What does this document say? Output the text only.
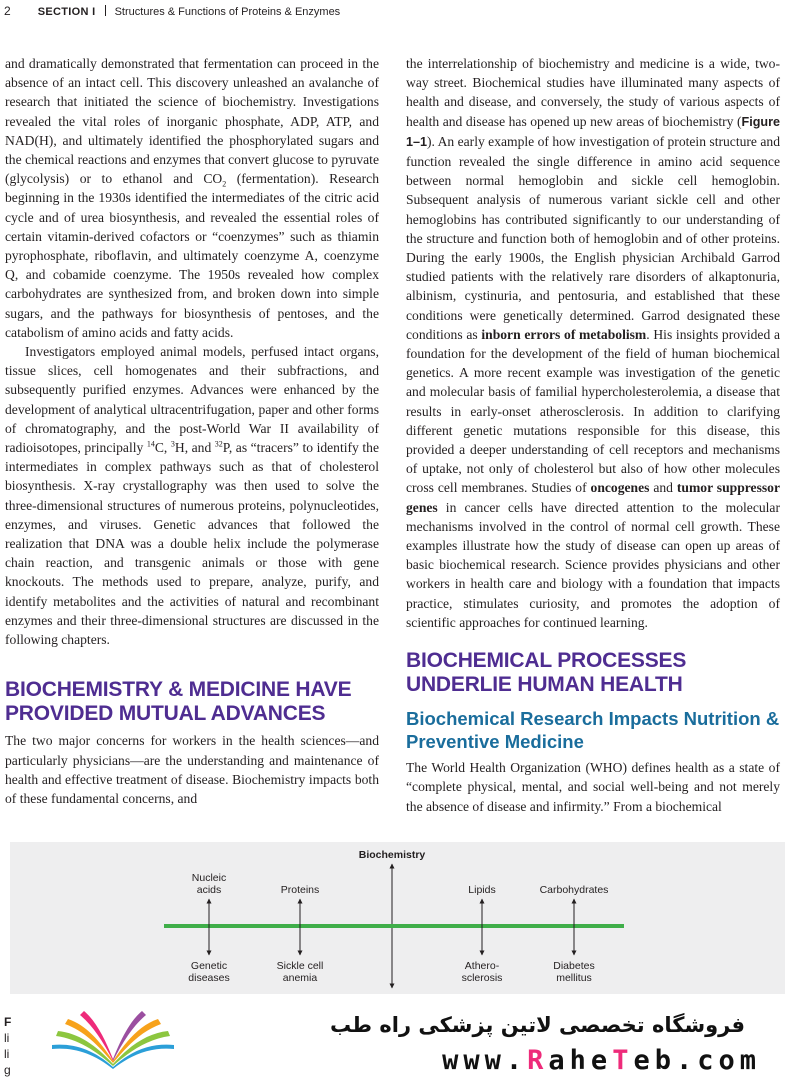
2 SECTION I Structures & Functions of Proteins & Enzymes

and dramatically demonstrated that fermentation can proceed in the absence of an intact cell. This discovery unleashed an avalanche of research that initiated the science of biochemistry. Investigations revealed the vital roles of inorganic phosphate, ADP, ATP, and NAD(H), and ultimately identified the phosphorylated sugars and the chemical reactions and enzymes that convert glucose to pyruvate (glycolysis) or to ethanol and $CO_2$ (fermentation). Research beginning in the 1930s identified the intermediates of the citric acid cycle and of urea biosynthesis, and revealed the essential roles of certain vitamin-derived cofactors or “coenzymes” such as thiamin pyrophosphate, riboflavin, and ultimately coenzyme A, coenzyme Q, and cobamide coenzyme. The 1950s revealed how complex carbohydrates are synthesized from, and broken down into simple sugars, and the pathways for biosynthesis of pentoses, and the catabolism of amino acids and fatty acids.

Investigators employed animal models, perfused intact organs, tissue slices, cell homogenates and their subfractions, and subsequently purified enzymes. Advances were enhanced by the development of analytical ultracentrifugation, paper and other forms of chromatography, and the post-World War II availability of radioisotopes, principally $^{14}$C, $^3$H, and $^{32}$P, as “tracers” to identify the intermediates in complex pathways such as that of cholesterol biosynthesis. X-ray crystallography was then used to solve the three-dimensional structures of numerous proteins, polynucleotides, enzymes, and viruses. Genetic advances that followed the realization that DNA was a double helix include the polymerase chain reaction, and transgenic animals or those with gene knockouts. The methods used to prepare, analyze, purify, and identify metabolites and the activities of natural and recombinant enzymes and their three-dimensional structures are discussed in the following chapters.

BIOCHEMISTRY & MEDICINE HAVE PROVIDED MUTUAL ADVANCES

The two major concerns for workers in the health sciences—and particularly physicians—are the understanding and maintenance of health and effective treatment of disease. Biochemistry impacts both of these fundamental concerns, and

the interrelationship of biochemistry and medicine is a wide, two-way street. Biochemical studies have illuminated many aspects of health and disease, and conversely, the study of various aspects of health and disease has opened up new areas of biochemistry (Figure 1–1). An early example of how investigation of protein structure and function revealed the single difference in amino acid sequence between normal hemoglobin and sickle cell hemoglobin. Subsequent analysis of numerous variant sickle cell and other hemoglobins has contributed significantly to our understanding of the structure and function both of hemoglobin and of other proteins. During the early 1900s, the English physician Archibald Garrod studied patients with the relatively rare disorders of alkaptonuria, albinism, cystinuria, and pentosuria, and established that these conditions were genetically determined. Garrod designated these conditions as inborn errors of metabolism. His insights provided a foundation for the development of the field of human biochemical genetics. A more recent example was investigation of the genetic and molecular basis of familial hypercholesterolemia, a disease that results in early-onset atherosclerosis. In addition to clarifying different genetic mutations responsible for this disease, this provided a deeper understanding of cell receptors and mechanisms of uptake, not only of cholesterol but also of how other molecules cross cell membranes. Studies of oncogenes and tumor suppressor genes in cancer cells have directed attention to the molecular mechanisms involved in the control of normal cell growth. These examples illustrate how the study of disease can open up areas of basic biochemical research. Science provides physicians and other workers in health care and biology with a foundation that impacts practice, stimulates curiosity, and promotes the adoption of scientific approaches for continued learning.

BIOCHEMICAL PROCESSES UNDERLIE HUMAN HEALTH
Biochemical Research Impacts Nutrition & Preventive Medicine

The World Health Organization (WHO) defines health as a state of “complete physical, mental, and social well-being and not merely the absence of disease and infirmity.” From a biochemical

Biochemistry
Nucleic
acids	Proteins	Lipids	Carbohydrates
Genetic
diseases
Sickle cell
anemia
Athero-
sclerosis
Diabetes
mellitus
F
li
li
g
فروشگاه تخصصی لاتین پزشکی راه طب
www.RaheTeb.com
